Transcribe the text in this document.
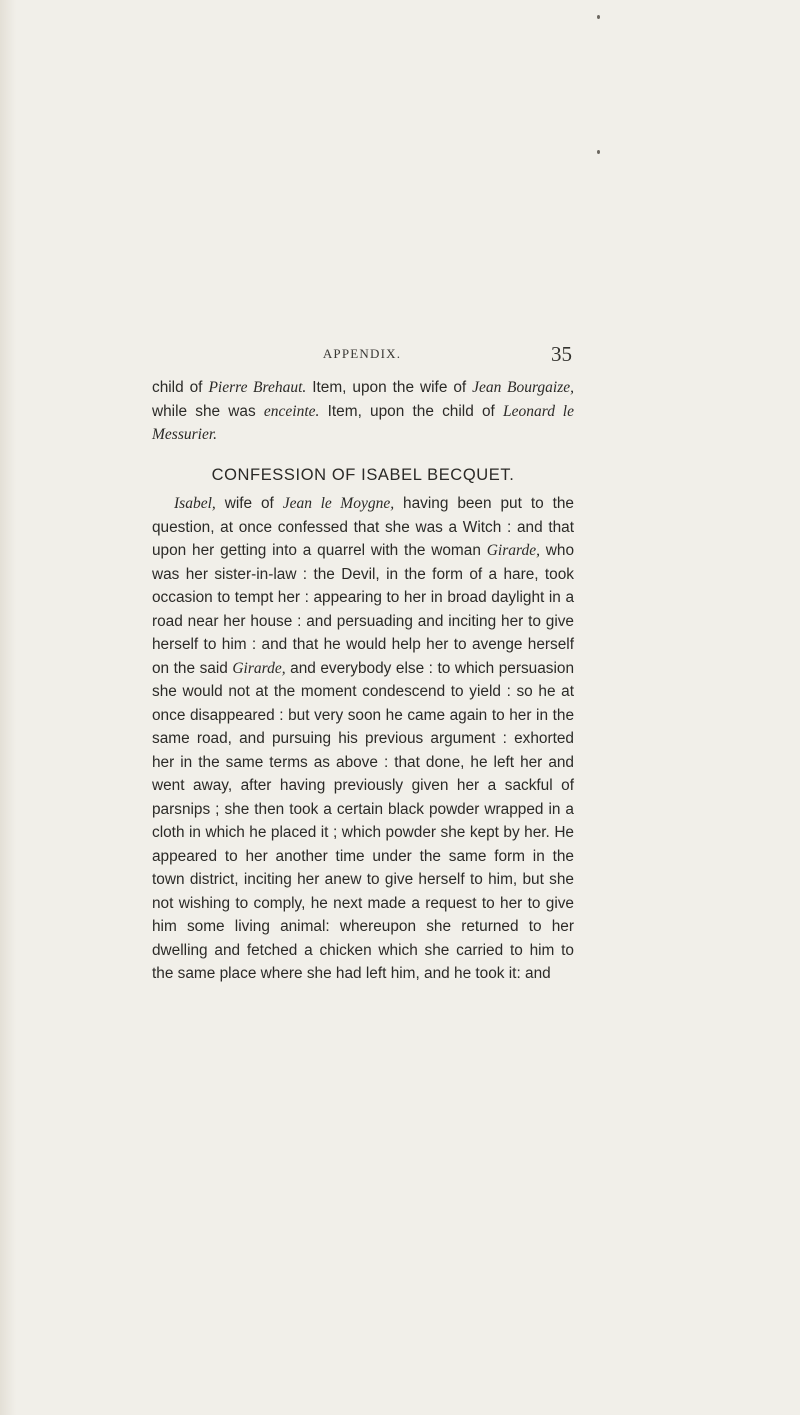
APPENDIX.	35

child of Pierre Brehaut. Item, upon the wife of Jean Bourgaize, while she was enceinte. Item, upon the child of Leonard le Messurier.

CONFESSION OF ISABEL BECQUET.

Isabel, wife of Jean le Moygne, having been put to the question, at once confessed that she was a Witch : and that upon her getting into a quarrel with the woman Girarde, who was her sister-in-law : the Devil, in the form of a hare, took occasion to tempt her : appearing to her in broad daylight in a road near her house : and persuading and inciting her to give herself to him : and that he would help her to avenge herself on the said Girarde, and everybody else : to which persuasion she would not at the moment condescend to yield : so he at once disappeared : but very soon he came again to her in the same road, and pursuing his previous argument : exhorted her in the same terms as above : that done, he left her and went away, after having previously given her a sackful of parsnips ; she then took a certain black powder wrapped in a cloth in which he placed it ; which powder she kept by her. He appeared to her another time under the same form in the town district, inciting her anew to give herself to him, but she not wishing to comply, he next made a request to her to give him some living animal: whereupon she returned to her dwelling and fetched a chicken which she carried to him to the same place where she had left him, and he took it: and
